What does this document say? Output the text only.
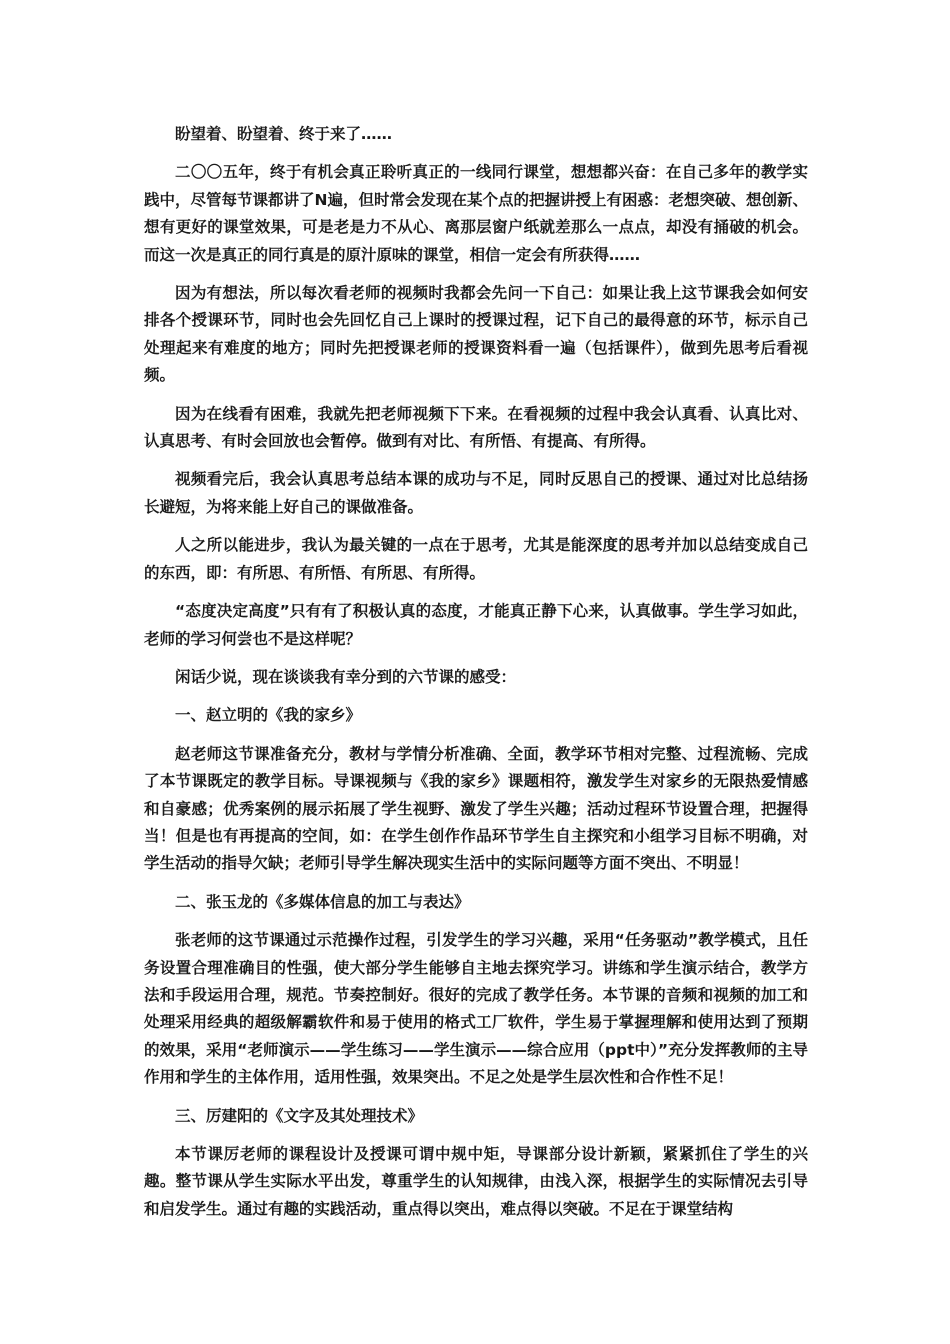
盼望着、盼望着、终于来了……

二〇〇五年，终于有机会真正聆听真正的一线同行课堂，想想都兴奋：在自己多年的教学实践中，尽管每节课都讲了N遍，但时常会发现在某个点的把握讲授上有困惑：老想突破、想创新、想有更好的课堂效果，可是老是力不从心、离那层窗户纸就差那么一点点，却没有捅破的机会。而这一次是真正的同行真是的原汁原味的课堂，相信一定会有所获得……

因为有想法，所以每次看老师的视频时我都会先问一下自己：如果让我上这节课我会如何安排各个授课环节，同时也会先回忆自己上课时的授课过程，记下自己的最得意的环节，标示自己处理起来有难度的地方；同时先把授课老师的授课资料看一遍（包括课件），做到先思考后看视频。

因为在线看有困难，我就先把老师视频下下来。在看视频的过程中我会认真看、认真比对、认真思考、有时会回放也会暂停。做到有对比、有所悟、有提高、有所得。

视频看完后，我会认真思考总结本课的成功与不足，同时反思自己的授课、通过对比总结扬长避短，为将来能上好自己的课做准备。

人之所以能进步，我认为最关键的一点在于思考，尤其是能深度的思考并加以总结变成自己的东西，即：有所思、有所悟、有所思、有所得。

“态度决定高度”只有有了积极认真的态度，才能真正静下心来，认真做事。学生学习如此，老师的学习何尝也不是这样呢？

闲话少说，现在谈谈我有幸分到的六节课的感受：

一、赵立明的《我的家乡》

赵老师这节课准备充分，教材与学情分析准确、全面，教学环节相对完整、过程流畅、完成了本节课既定的教学目标。导课视频与《我的家乡》课题相符，激发学生对家乡的无限热爱情感和自豪感；优秀案例的展示拓展了学生视野、激发了学生兴趣；活动过程环节设置合理，把握得当！但是也有再提高的空间，如：在学生创作作品环节学生自主探究和小组学习目标不明确，对学生活动的指导欠缺；老师引导学生解决现实生活中的实际问题等方面不突出、不明显！

二、张玉龙的《多媒体信息的加工与表达》

张老师的这节课通过示范操作过程，引发学生的学习兴趣，采用“任务驱动”教学模式，且任务设置合理准确目的性强，使大部分学生能够自主地去探究学习。讲练和学生演示结合，教学方法和手段运用合理，规范。节奏控制好。很好的完成了教学任务。本节课的音频和视频的加工和处理采用经典的超级解霸软件和易于使用的格式工厂软件，学生易于掌握理解和使用达到了预期的效果，采用“老师演示——学生练习——学生演示——综合应用（ppt中）”充分发挥教师的主导作用和学生的主体作用，适用性强，效果突出。不足之处是学生层次性和合作性不足！

三、厉建阳的《文字及其处理技术》

本节课厉老师的课程设计及授课可谓中规中矩，导课部分设计新颖，紧紧抓住了学生的兴趣。整节课从学生实际水平出发，尊重学生的认知规律，由浅入深，根据学生的实际情况去引导和启发学生。通过有趣的实践活动，重点得以突出，难点得以突破。不足在于课堂结构
